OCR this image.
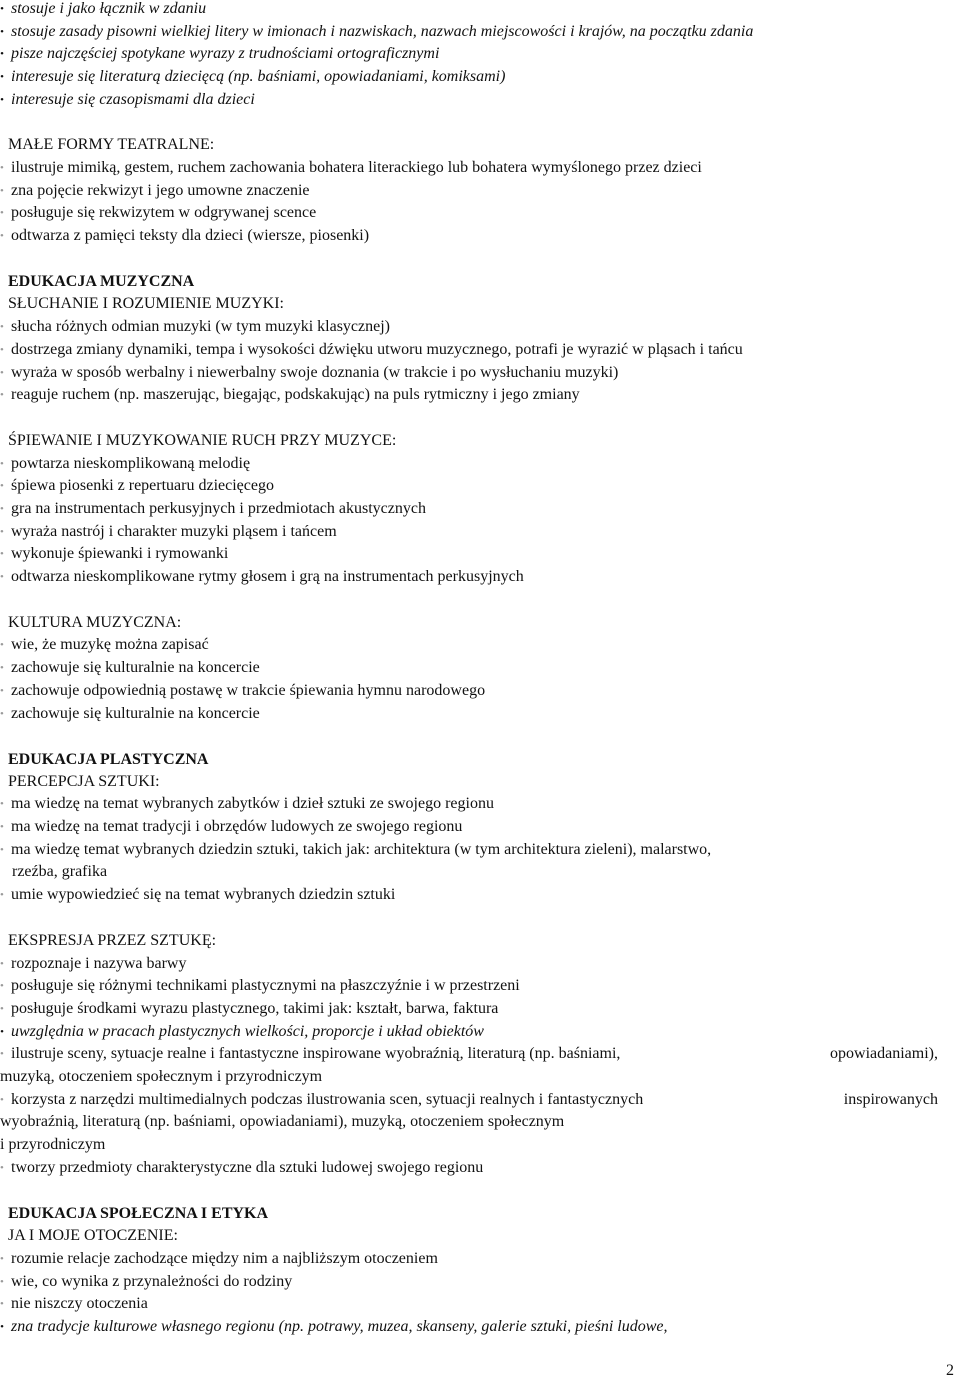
• stosuje i jako łącznik w zdaniu
• stosuje zasady pisowni wielkiej litery w imionach i nazwiskach, nazwach miejscowości i krajów, na początku zdania
• pisze najczęściej spotykane wyrazy z trudnościami ortograficznymi
• interesuje się literaturą dziecięcą (np. baśniami, opowiadaniami, komiksami)
• interesuje się czasopismami dla dzieci
MAŁE FORMY TEATRALNE:
• ilustruje mimiką, gestem, ruchem zachowania bohatera literackiego lub bohatera wymyślonego przez dzieci
• zna pojęcie rekwizyt i jego umowne znaczenie
• posługuje się rekwizytem w odgrywanej scence
• odtwarza z pamięci teksty dla dzieci (wiersze, piosenki)
EDUKACJA MUZYCZNA
SŁUCHANIE I ROZUMIENIE MUZYKI:
• słucha różnych odmian muzyki (w tym muzyki klasycznej)
• dostrzega zmiany dynamiki, tempa i wysokości dźwięku utworu muzycznego, potrafi je wyrazić w pląsach i tańcu
• wyraża w sposób werbalny i niewerbalny swoje doznania (w trakcie i po wysłuchaniu muzyki)
• reaguje ruchem (np. maszerując, biegając, podskakując) na puls rytmiczny i jego zmiany
ŚPIEWANIE I MUZYKOWANIE RUCH PRZY MUZYCE:
• powtarza nieskomplikowaną melodię
• śpiewa piosenki z repertuaru dziecięcego
• gra na instrumentach perkusyjnych i przedmiotach akustycznych
• wyraża nastrój i charakter muzyki pląsem i tańcem
• wykonuje śpiewanki i rymowanki
• odtwarza nieskomplikowane rytmy głosem i grą na instrumentach perkusyjnych
KULTURA MUZYCZNA:
• wie, że muzykę można zapisać
• zachowuje się kulturalnie na koncercie
• zachowuje odpowiednią postawę w trakcie śpiewania hymnu narodowego
• zachowuje się kulturalnie na koncercie
EDUKACJA PLASTYCZNA
PERCEPCJA SZTUKI:
• ma wiedzę na temat wybranych zabytków i dzieł sztuki ze swojego regionu
• ma wiedzę na temat tradycji i obrzędów ludowych ze swojego regionu
• ma wiedzę temat wybranych dziedzin sztuki, takich jak: architektura (w tym architektura zieleni), malarstwo,
rzeźba, grafika
• umie wypowiedzieć się na temat wybranych dziedzin sztuki
EKSPRESJA PRZEZ SZTUKĘ:
• rozpoznaje i nazywa barwy
• posługuje się różnymi technikami plastycznymi na płaszczyźnie i w przestrzeni
• posługuje środkami wyrazu plastycznego, takimi jak: kształt, barwa, faktura
• uwzględnia w pracach plastycznych wielkości, proporcje i układ obiektów
• ilustruje sceny, sytuacje realne i fantastyczne inspirowane wyobraźnią, literaturą (np. baśniami,	opowiadaniami),
muzyką, otoczeniem społecznym i przyrodniczym
• korzysta z narzędzi multimedialnych podczas ilustrowania scen, sytuacji realnych i fantastycznych	inspirowanych
wyobraźnią, literaturą (np. baśniami, opowiadaniami), muzyką, otoczeniem społecznym
i przyrodniczym
• tworzy przedmioty charakterystyczne dla sztuki ludowej swojego regionu
EDUKACJA SPOŁECZNA I ETYKA
JA I MOJE OTOCZENIE:
• rozumie relacje zachodzące między nim a najbliższym otoczeniem
• wie, co wynika z przynależności do rodziny
• nie niszczy otoczenia
• zna tradycje kulturowe własnego regionu (np. potrawy, muzea, skanseny, galerie sztuki, pieśni ludowe,
2
